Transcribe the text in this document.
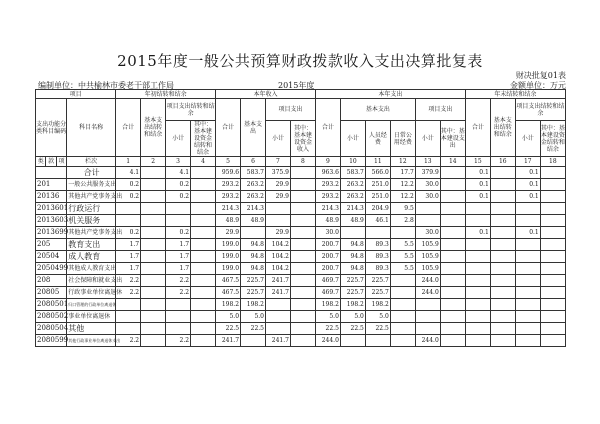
2015年度一般公共预算财政拨款收入支出决算批复表
编制单位：中共榆林市委老干部工作局	2015年度
财决批复01表
金额单位：万元
项目				年初结转和结余				本年收入				本年支出						年末结转和结余			
支出功能分类科目编码			科目名称	合计	基本支出结转和结余	项目支出结转和结余		合计	基本支出	项目支出		合计	基本支出			项目支出		合计	基本支出结转和结余	项目支出结转和结余	
						小计	其中：基本建设资金结转和结余			小计	其中：基本建设资金收入		小计	人员经费	日常公用经费	小计	其中：基本建设支出			小计	其中：基本建设资金结转和结余
类	款	项	栏次	1	2	3	4	5	6	7	8	9	10	11	12	13	14	15	16	17	18
			合计	4.1		4.1		959.6	583.7	375.9		963.6	583.7	566.0	17.7	379.9		0.1		0.1	
201			一般公共服务支出	0.2		0.2		293.2	263.2	29.9		293.2	263.2	251.0	12.2	30.0		0.1		0.1	
20136			其他共产党事务支出	0.2		0.2		293.2	263.2	29.9		293.2	263.2	251.0	12.2	30.0		0.1		0.1	
2013601			行政运行					214.3	214.3			214.3	214.3	204.9	9.5						
2013603			机关服务					48.9	48.9			48.9	48.9	46.1	2.8						
2013699			其他共产党事务支出	0.2		0.2		29.9		29.9		30.0				30.0		0.1		0.1	
205			教育支出	1.7		1.7		199.0	94.8	104.2		200.7	94.8	89.3	5.5	105.9					
20504			成人教育	1.7		1.7		199.0	94.8	104.2		200.7	94.8	89.3	5.5	105.9					
2050499			其他成人教育支出	1.7		1.7		199.0	94.8	104.2		200.7	94.8	89.3	5.5	105.9					
208			社会保障和就业支出	2.2		2.2		467.5	225.7	241.7		469.7	225.7	225.7		244.0					
20805			行政事业单位离退休	2.2		2.2		467.5	225.7	241.7		469.7	225.7	225.7		244.0					
2080501			归口管理的行政单位离退休					198.2	198.2			198.2	198.2	198.2							
2080502			事业单位离退休					5.0	5.0			5.0	5.0	5.0							
2080504			其他					22.5	22.5			22.5	22.5	22.5							
2080599			其他行政事业单位离退休支出	2.2		2.2		241.7		241.7		244.0				244.0					
